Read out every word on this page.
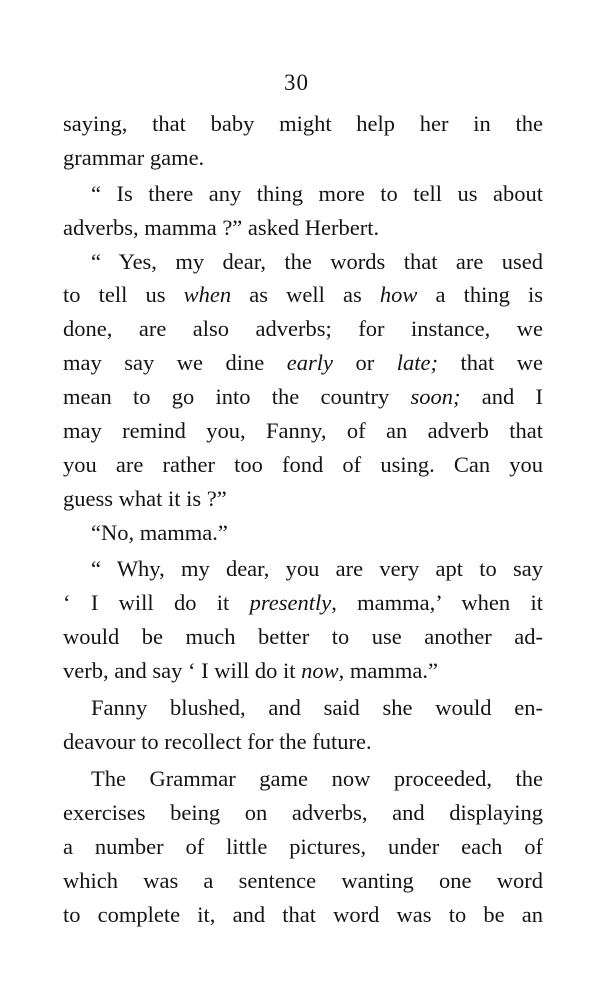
30
saying, that baby might help her in the
grammar game.
“ Is there any thing more to tell us about
adverbs, mamma ?” asked Herbert.
“ Yes, my dear, the words that are used
to tell us when as well as how a thing is
done, are also adverbs; for instance, we
may say we dine early or late; that we
mean to go into the country soon; and I
may remind you, Fanny, of an adverb that
you are rather too fond of using. Can you
guess what it is ?”
“No, mamma.”
“ Why, my dear, you are very apt to say
‘ I will do it presently, mamma,’ when it
would be much better to use another ad-
verb, and say ‘ I will do it now, mamma.”
Fanny blushed, and said she would en-
deavour to recollect for the future.
The Grammar game now proceeded, the
exercises being on adverbs, and displaying
a number of little pictures, under each of
which was a sentence wanting one word
to complete it, and that word was to be an
